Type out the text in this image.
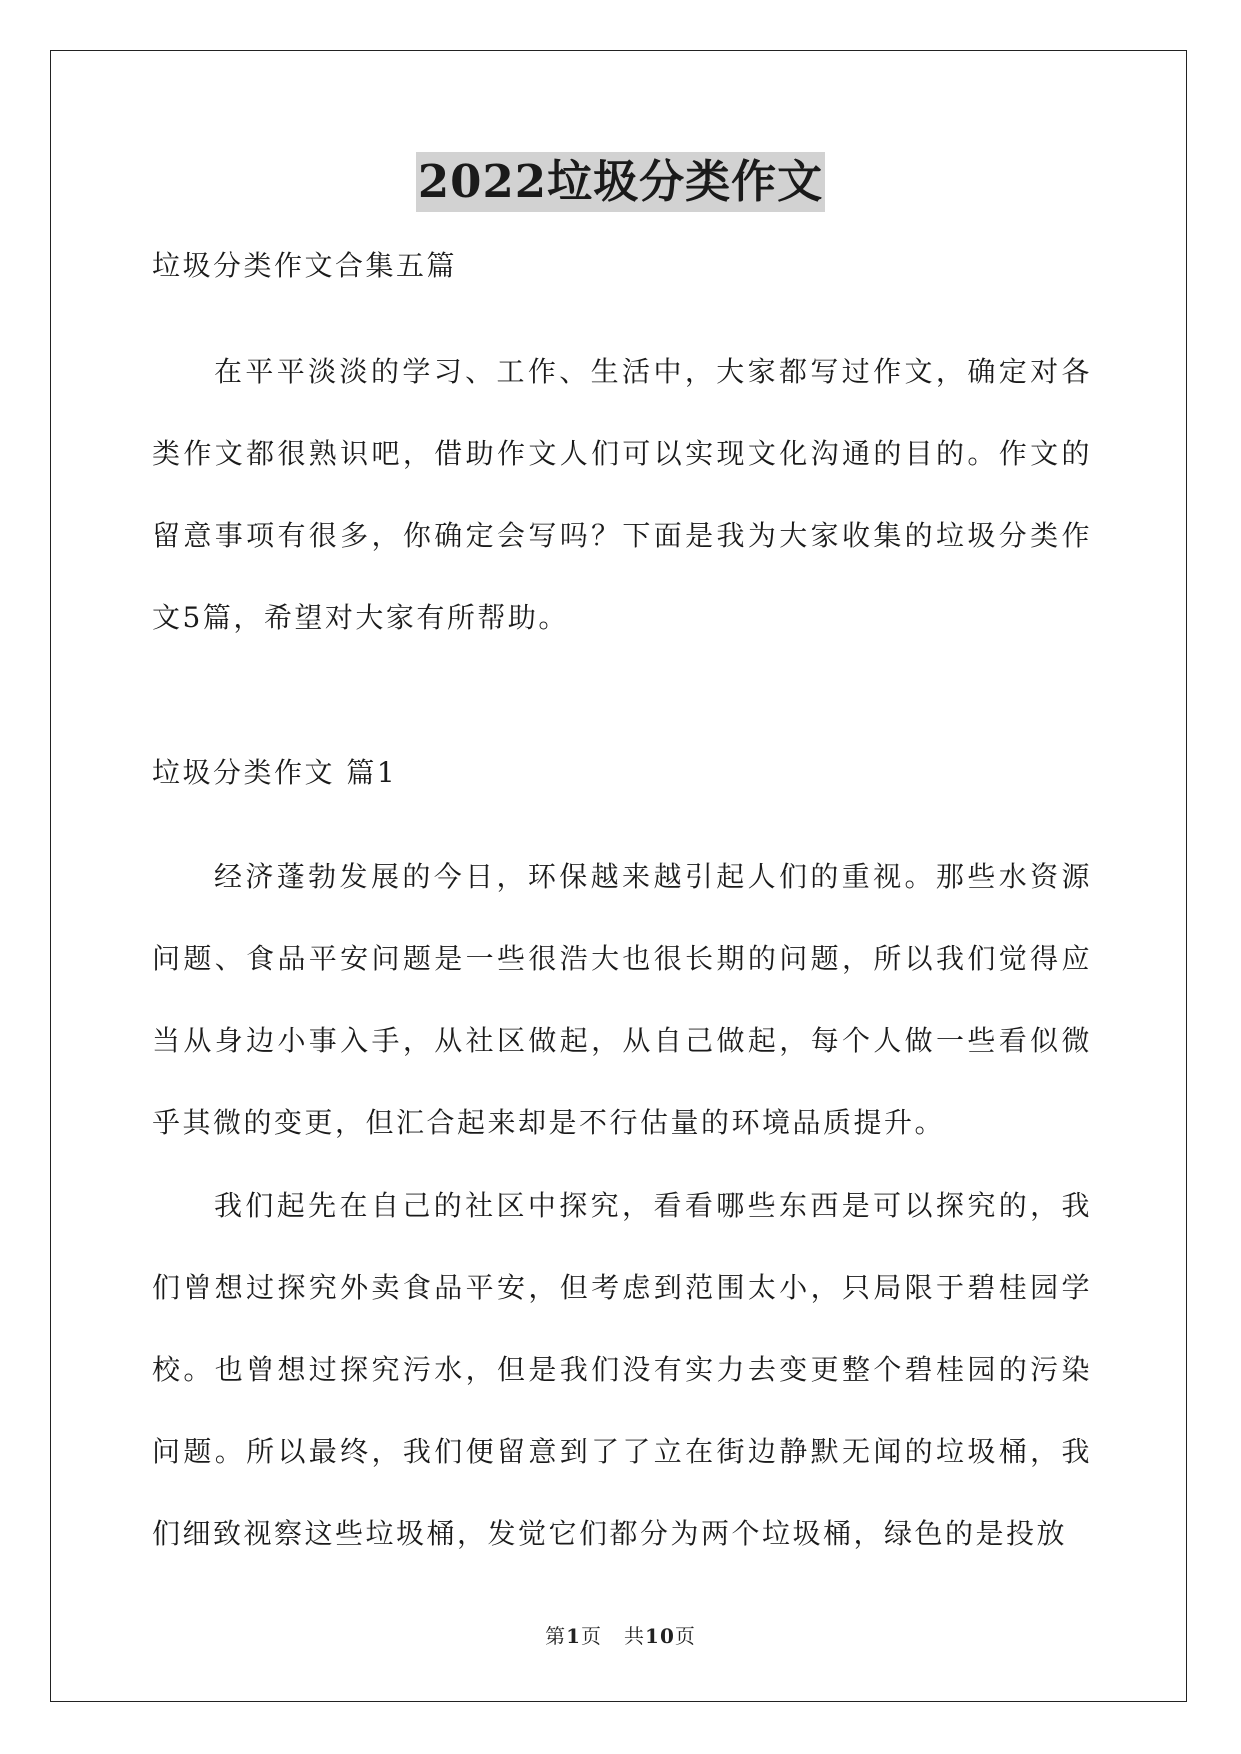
2022垃圾分类作文

垃圾分类作文合集五篇

在平平淡淡的学习、工作、生活中，大家都写过作文，确定对各类作文都很熟识吧，借助作文人们可以实现文化沟通的目的。作文的留意事项有很多，你确定会写吗？下面是我为大家收集的垃圾分类作文5篇，希望对大家有所帮助。

垃圾分类作文 篇1

经济蓬勃发展的今日，环保越来越引起人们的重视。那些水资源问题、食品平安问题是一些很浩大也很长期的问题，所以我们觉得应当从身边小事入手，从社区做起，从自己做起，每个人做一些看似微乎其微的变更，但汇合起来却是不行估量的环境品质提升。

我们起先在自己的社区中探究，看看哪些东西是可以探究的，我们曾想过探究外卖食品平安，但考虑到范围太小，只局限于碧桂园学校。也曾想过探究污水，但是我们没有实力去变更整个碧桂园的污染问题。所以最终，我们便留意到了了立在街边静默无闻的垃圾桶，我们细致视察这些垃圾桶，发觉它们都分为两个垃圾桶，绿色的是投放

第1页 共10页
